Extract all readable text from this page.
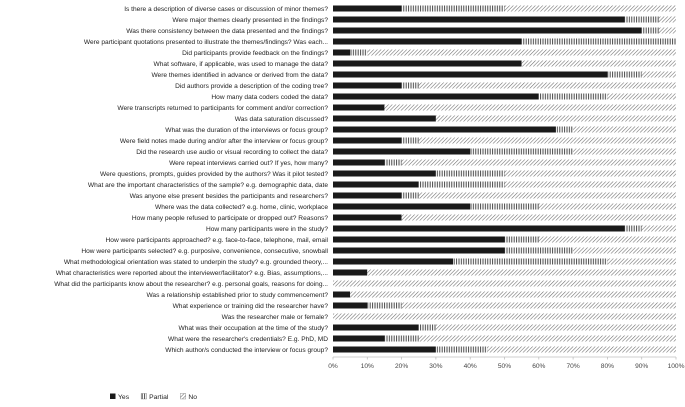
Is there a description of diverse cases or discussion of minor themes?
Were major themes clearly presented in the findings?
Was there consistency between the data presented and the findings?
Were participant quotations presented to illustrate the themes/findings? Was each...
Did participants provide feedback on the findings?
What software, if applicable, was used to manage the data?
Were themes identified in advance or derived from the data?
Did authors provide a description of the coding tree?
How many data coders coded the data?
Were transcripts returned to participants for comment and/or correction?
Was data saturation discussed?
What was the duration of the interviews or focus group?
Were field notes made during and/or after the interview or focus group?
Did the research use audio or visual recording to collect the data?
Were repeat interviews carried out? If yes, how many?
Were questions, prompts, guides provided by the authors? Was it pilot tested?
What are the important characteristics of the sample? e.g. demographic data, date
Was anyone else present besides the participants and researchers?
Where was the data collected? e.g. home, clinic, workplace
How many people refused to participate or dropped out? Reasons?
How many participants were in the study?
How were participants approached? e.g. face-to-face, telephone, mail, email
How were participants selected? e.g. purposive, convenience, consecutive, snowball
What methodological orientation was stated to underpin the study? e.g. grounded theory,...
What characteristics were reported about the interviewer/facilitator? e.g. Bias, assumptions,...
What did the participants know about the researcher? e.g. personal goals, reasons for doing...
Was a relationship established prior to study commencement?
What experience or training did the researcher have?
Was the researcher male or female?
What was their occupation at the time of the study?
What were the researcher's credentials? E.g. PhD, MD
Which author/s conducted the interview or focus group?
0%	10%	20%	30%	40%	50%	60%	70%	80%	90%	100%
Yes	Partial	No
